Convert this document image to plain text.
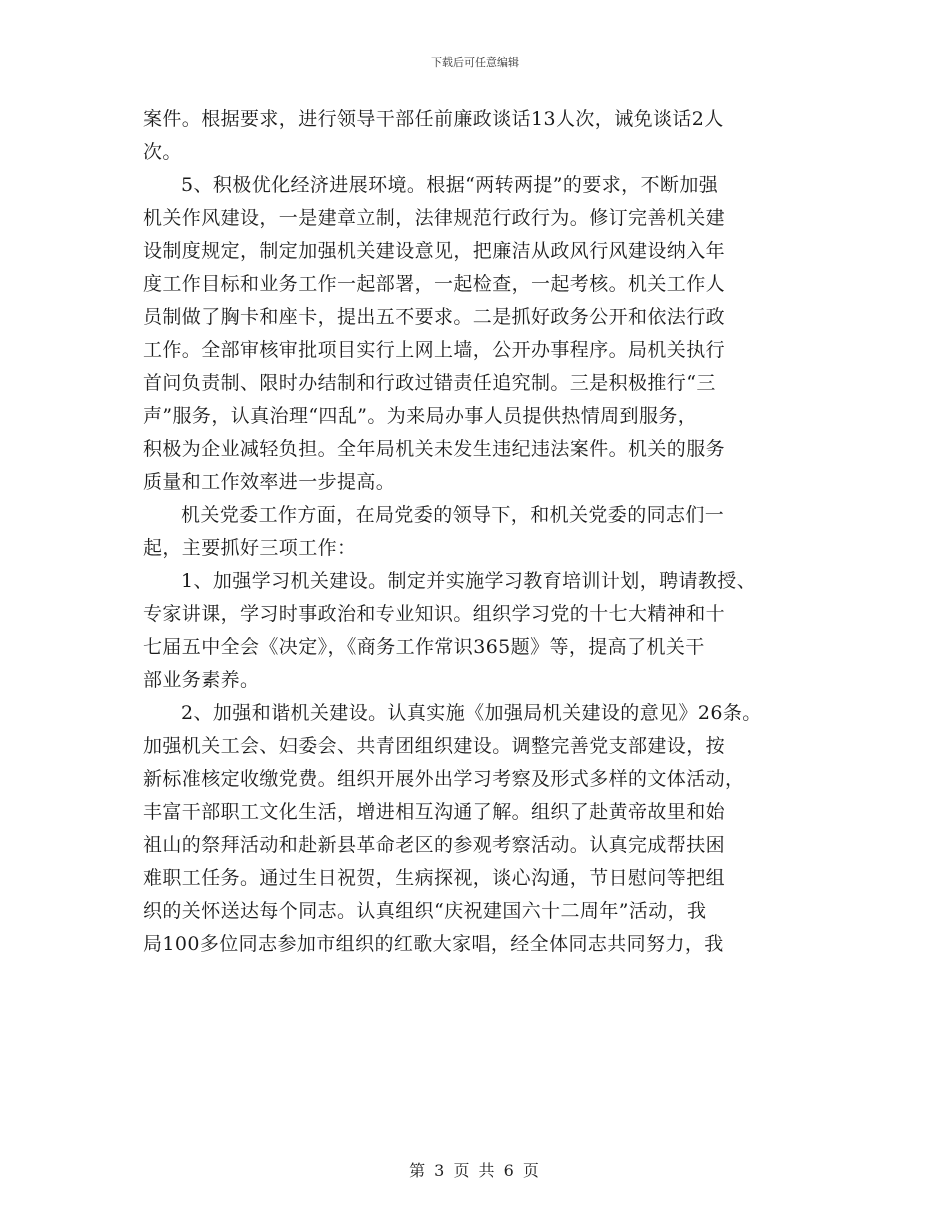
下载后可任意编辑
案件。根据要求，进行领导干部任前廉政谈话13人次，诫免谈话2人
次。
5、积极优化经济进展环境。根据“两转两提”的要求，不断加强
机关作风建设，一是建章立制，法律规范行政行为。修订完善机关建
设制度规定，制定加强机关建设意见，把廉洁从政风行风建设纳入年
度工作目标和业务工作一起部署，一起检查，一起考核。机关工作人
员制做了胸卡和座卡，提出五不要求。二是抓好政务公开和依法行政
工作。全部审核审批项目实行上网上墙，公开办事程序。局机关执行
首问负责制、限时办结制和行政过错责任追究制。三是积极推行“三
声”服务，认真治理“四乱”。为来局办事人员提供热情周到服务，
积极为企业减轻负担。全年局机关未发生违纪违法案件。机关的服务
质量和工作效率进一步提高。
机关党委工作方面，在局党委的领导下，和机关党委的同志们一
起，主要抓好三项工作：
1、加强学习机关建设。制定并实施学习教育培训计划，聘请教授、
专家讲课，学习时事政治和专业知识。组织学习党的十七大精神和十
七届五中全会《决定》，《商务工作常识365题》等，提高了机关干
部业务素养。
2、加强和谐机关建设。认真实施《加强局机关建设的意见》26条。
加强机关工会、妇委会、共青团组织建设。调整完善党支部建设，按
新标准核定收缴党费。组织开展外出学习考察及形式多样的文体活动，
丰富干部职工文化生活，增进相互沟通了解。组织了赴黄帝故里和始
祖山的祭拜活动和赴新县革命老区的参观考察活动。认真完成帮扶困
难职工任务。通过生日祝贺，生病探视，谈心沟通，节日慰问等把组
织的关怀送达每个同志。认真组织“庆祝建国六十二周年”活动，我
局100多位同志参加市组织的红歌大家唱，经全体同志共同努力，我
第 3 页 共 6 页
